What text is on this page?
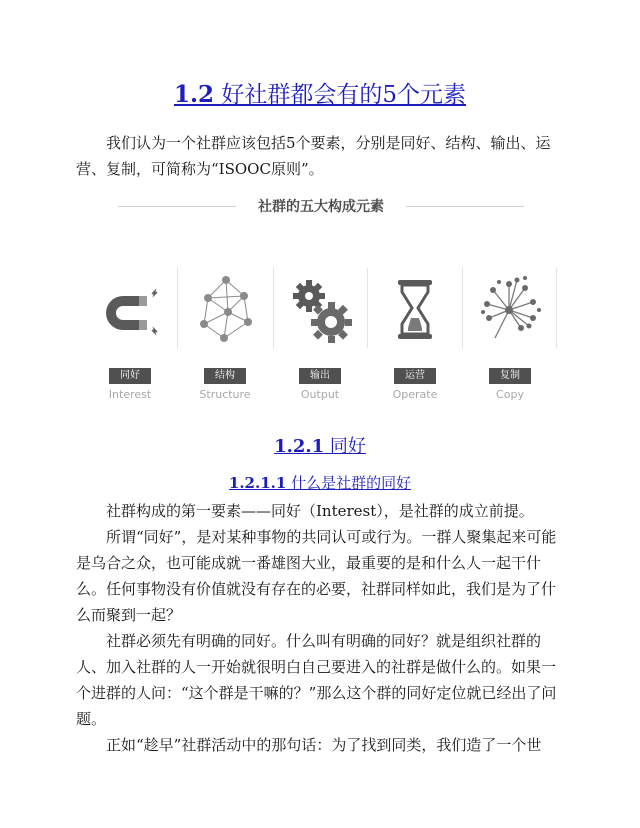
1.2 好社群都会有的5个元素

我们认为一个社群应该包括5个要素，分别是同好、结构、输出、运营、复制，可简称为“ISOOC原则”。

社群的五大构成元素
同好
Interest
结构
Structure
输出
Output
运营
Operate
复制
Copy
1.2.1 同好
1.2.1.1 什么是社群的同好

社群构成的第一要素——同好（Interest），是社群的成立前提。

所谓“同好”，是对某种事物的共同认可或行为。一群人聚集起来可能是乌合之众，也可能成就一番雄图大业，最重要的是和什么人一起干什么。任何事物没有价值就没有存在的必要，社群同样如此，我们是为了什么而聚到一起？

社群必须先有明确的同好。什么叫有明确的同好？就是组织社群的人、加入社群的人一开始就很明白自己要进入的社群是做什么的。如果一个进群的人问：“这个群是干嘛的？”那么这个群的同好定位就已经出了问题。

正如“趁早”社群活动中的那句话：为了找到同类，我们造了一个世
